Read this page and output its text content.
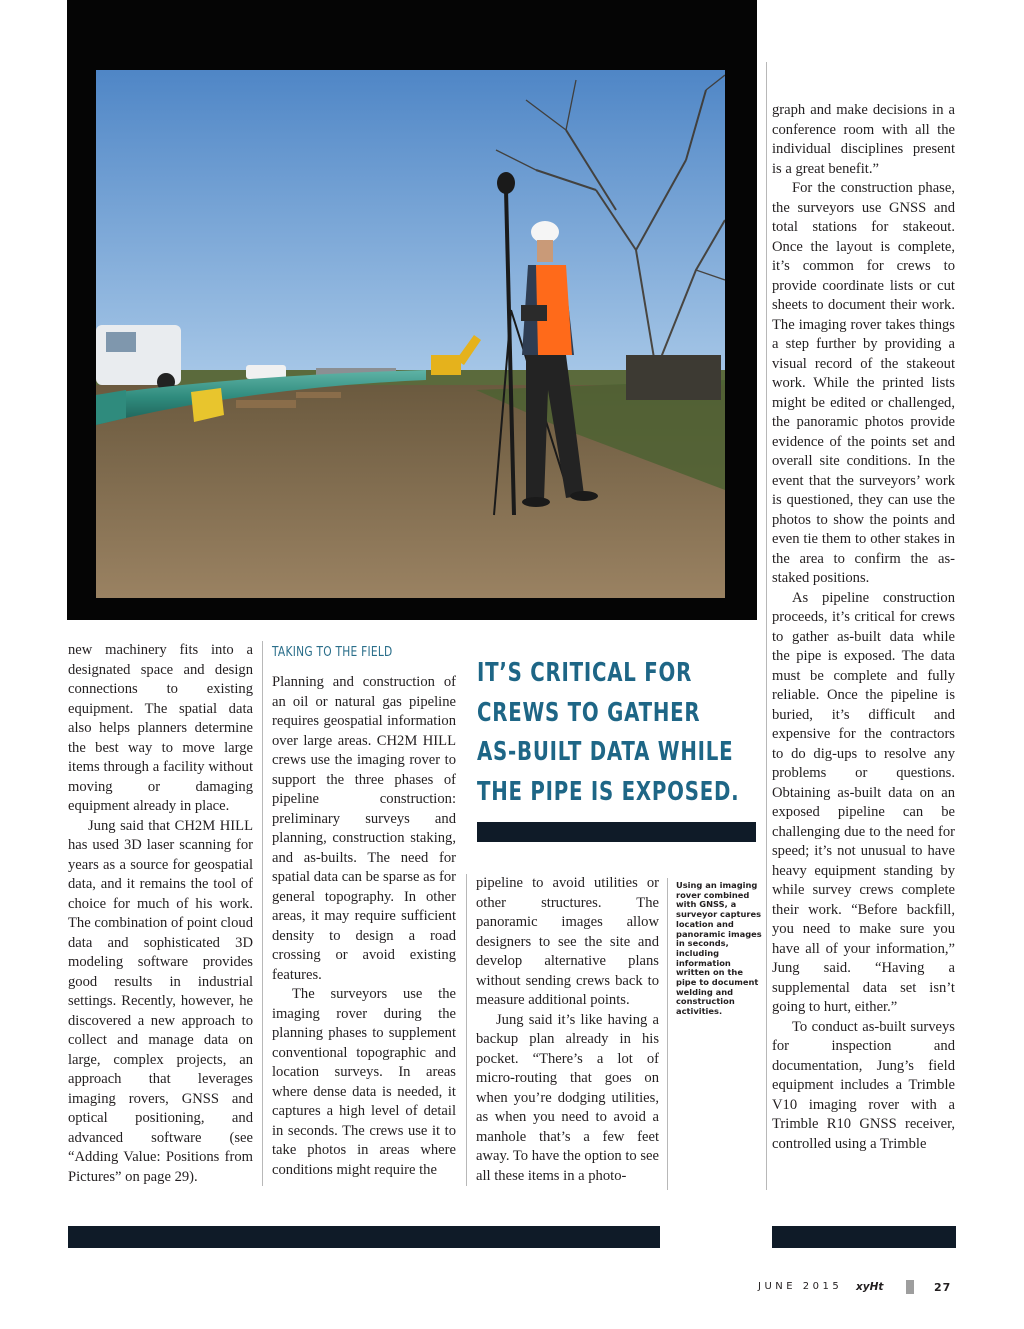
new machinery fits into a designated space and design connections to existing equipment. The spatial data also helps planners determine the best way to move large items through a facility without moving or damaging equipment already in place.

Jung said that CH2M HILL has used 3D laser scanning for years as a source for geospatial data, and it remains the tool of choice for much of his work. The combination of point cloud data and sophisticated 3D modeling software provides good results in industrial settings. Recently, however, he discovered a new approach to collect and manage data on large, complex projects, an approach that leverages imaging rovers, GNSS and optical positioning, and advanced software (see “Adding Value: Positions from Pictures” on page 29).

TAKING TO THE FIELD

Planning and construction of an oil or natural gas pipeline requires geospatial information over large areas. CH2M HILL crews use the imaging rover to support the three phases of pipeline construction: preliminary surveys and planning, construction staking, and as-builts. The need for spatial data can be sparse as for general topography. In other areas, it may require sufficient density to design a road crossing or avoid existing features.

The surveyors use the imaging rover during the planning phases to supplement conventional topographic and location surveys. In areas where dense data is needed, it captures a high level of detail in seconds. The crews use it to take photos in areas where conditions might require the

IT’S CRITICAL FOR
CREWS TO GATHER
AS-BUILT DATA WHILE
THE PIPE IS EXPOSED.

pipeline to avoid utilities or other structures. The panoramic images allow designers to see the site and develop alternative plans without sending crews back to measure additional points.

Jung said it’s like having a backup plan already in his pocket. “There’s a lot of micro-routing that goes on when you’re dodging utilities, as when you need to avoid a manhole that’s a few feet away. To have the option to see all these items in a photo-

Using an imaging rover combined with GNSS, a surveyor captures location and panoramic images in seconds, including information written on the pipe to document welding and construction activities.

graph and make decisions in a conference room with all the individual disciplines present is a great benefit.”

For the construction phase, the surveyors use GNSS and total stations for stakeout. Once the layout is complete, it’s common for crews to provide coordinate lists or cut sheets to document their work. The imaging rover takes things a step further by providing a visual record of the stakeout work. While the printed lists might be edited or challenged, the panoramic photos provide evidence of the points set and overall site conditions. In the event that the surveyors’ work is questioned, they can use the photos to show the points and even tie them to other stakes in the area to confirm the as-staked positions.

As pipeline construction proceeds, it’s critical for crews to gather as-built data while the pipe is exposed. The data must be complete and fully reliable. Once the pipeline is buried, it’s difficult and expensive for the contractors to do dig-ups to resolve any problems or questions. Obtaining as-built data on an exposed pipeline can be challenging due to the need for speed; it’s not unusual to have heavy equipment standing by while survey crews complete their work. “Before backfill, you need to make sure you have all of your information,” Jung said. “Having a supplemental data set isn’t going to hurt, either.”

To conduct as-built surveys for inspection and documentation, Jung’s field equipment includes a Trimble V10 imaging rover with a Trimble R10 GNSS receiver, controlled using a Trimble

JUNE 2015 xyHt	27
